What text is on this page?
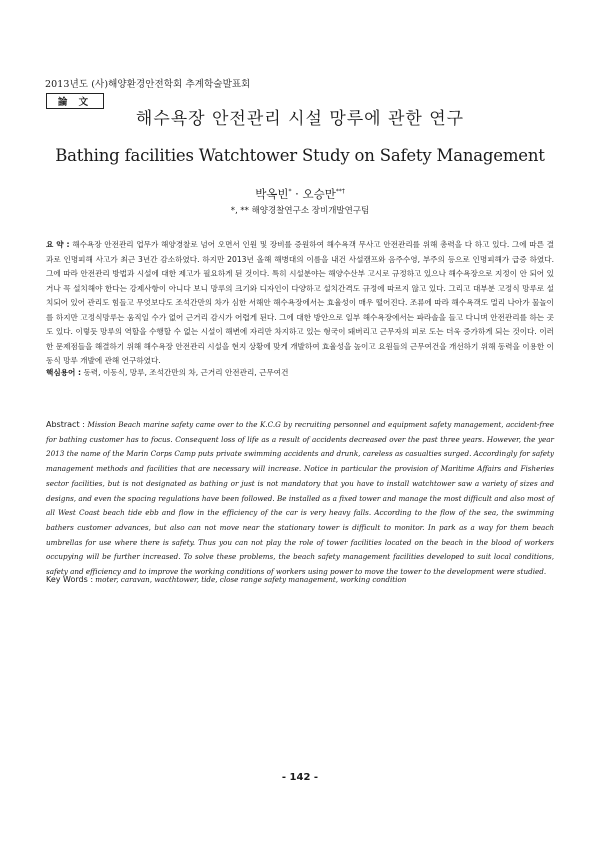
2013년도 (사)해양환경안전학회 추계학술발표회
論 文
해수욕장 안전관리 시설 망루에 관한 연구
Bathing facilities Watchtower Study on Safety Management
박옥빈* · 오승만**†
*, ** 해양경찰연구소 장비개발연구팀
요 약 : 해수욕장 안전관리 업무가 해양경찰로 넘어 오면서 인원 및 장비를 증원하여 해수욕객 무사고 안전관리를 위해 총력을 다 하고 있다. 그에 따른 결과로 인명피해 사고가 최근 3년간 감소하였다. 하지만 2013년 올해 해병대의 이름을 내건 사설캠프와 음주수영, 부주의 등으로 인명피해가 급증 하였다. 그에 따라 안전관리 방법과 시설에 대한 제고가 필요하게 된 것이다. 특히 시설분야는 해양수산부 고시로 규정하고 있으나 해수욕장으로 지정이 안 되어 있거나 꼭 설치해야 한다는 강제사항이 아니다 보니 망루의 크기와 디자인이 다양하고 설치간격도 규정에 따르지 않고 있다. 그리고 대부분 고정식 망루로 설치되어 있어 관리도 힘들고 무엇보다도 조석간만의 차가 심한 서해안 해수욕장에서는 효율성이 매우 떨어진다. 조류에 따라 해수욕객도 멀리 나아가 물놀이를 하지만 고정식망루는 움직일 수가 없어 근거리 감시가 어렵게 된다. 그에 대한 방안으로 일부 해수욕장에서는 파라솔을 들고 다니며 안전관리를 하는 곳도 있다. 이렇듯 망루의 역할을 수행할 수 없는 시설이 해변에 자리만 차지하고 있는 형국이 돼버리고 근무자의 피로 도는 더욱 증가하게 되는 것이다. 이러한 문제점들을 해결하기 위해 해수욕장 안전관리 시설을 현지 상황에 맞게 개발하여 효율성을 높이고 요원들의 근무여건을 개선하기 위해 동력을 이용한 이동식 망루 개발에 관해 연구하였다.
핵심용어 : 동력, 이동식, 망루, 조석간만의 차, 근거리 안전관리, 근무여건
Abstract : Mission Beach marine safety came over to the K.C.G by recruiting personnel and equipment safety management, accident-free for bathing customer has to focus. Consequent loss of life as a result of accidents decreased over the past three years. However, the year 2013 the name of the Marin Corps Camp puts private swimming accidents and drunk, careless as casualties surged. Accordingly for safety management methods and facilities that are necessary will increase. Notice in particular the provision of Maritime Affairs and Fisheries sector facilities, but is not designated as bathing or just is not mandatory that you have to install watchtower saw a variety of sizes and designs, and even the spacing regulations have been followed. Be installed as a fixed tower and manage the most difficult and also most of all West Coast beach tide ebb and flow in the efficiency of the car is very heavy falls. According to the flow of the sea, the swimming bathers customer advances, but also can not move near the stationary tower is difficult to monitor. In park as a way for them beach umbrellas for use where there is safety. Thus you can not play the role of tower facilities located on the beach in the blood of workers occupying will be further increased. To solve these problems, the beach safety management facilities developed to suit local conditions, safety and efficiency and to improve the working conditions of workers using power to move the tower to the development were studied.
Key Words : moter, caravan, wacthtower, tide, close range safety management, working condition
- 142 -
